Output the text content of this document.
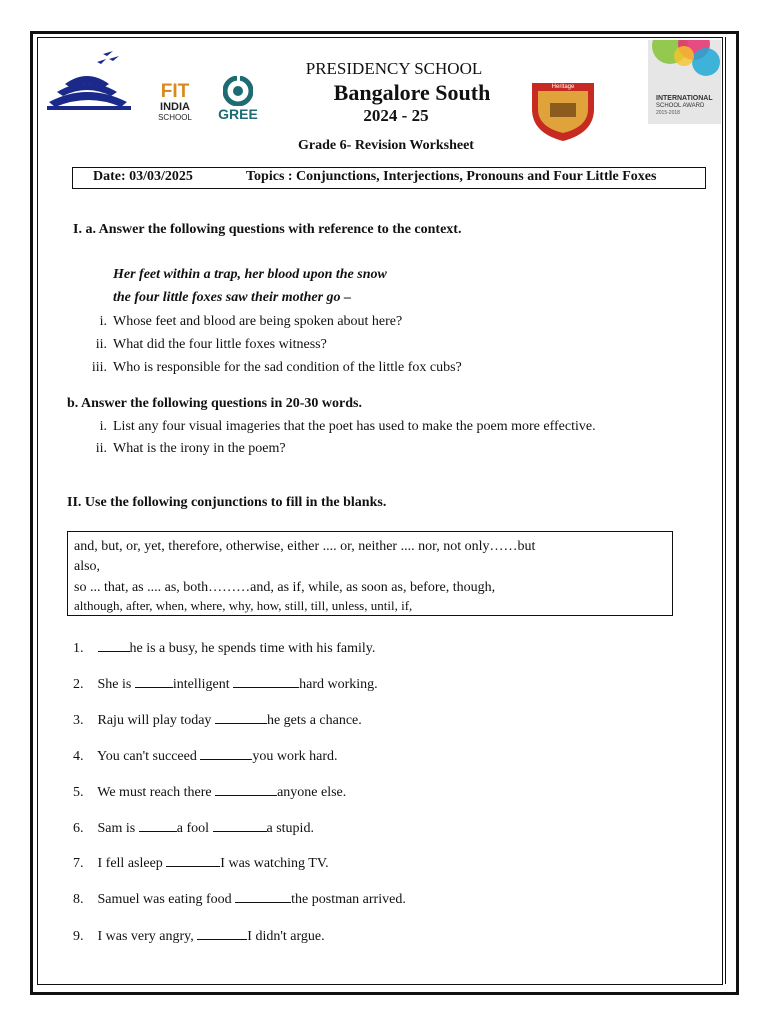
FIT
INDIA
SCHOOL	GREE
Heritage
INTERNATIONAL
SCHOOL AWARD
2015-2018
PRESIDENCY SCHOOL
Bangalore South
2024 - 25
Grade 6- Revision Worksheet
Date: 03/03/2025	Topics : Conjunctions, Interjections, Pronouns and Four Little Foxes
I. a. Answer the following questions with reference to the context.
Her feet within a trap, her blood upon the snow
the four little foxes saw their mother go –
i. Whose feet and blood are being spoken about here?
ii. What did the four little foxes witness?
iii. Who is responsible for the sad condition of the little fox cubs?
b. Answer the following questions in 20-30 words.
i. List any four visual imageries that the poet has used to make the poem more effective.
ii. What is the irony in the poem?
II. Use the following conjunctions to fill in the blanks.
and, but, or, yet, therefore, otherwise, either .... or, neither .... nor, not only……but
also,
so ... that, as .... as, both………and, as if, while, as soon as, before, though,
although, after, when, where, why, how, still, till, unless, until, if,
1.	he is a busy, he spends time with his family.
2. She is	intelligent	hard working.
3. Raju will play today	he gets a chance.
4. You can't succeed	you work hard.
5. We must reach there	anyone else.
6. Sam is	a fool	a stupid.
7. I fell asleep	I was watching TV.
8. Samuel was eating food	the postman arrived.
9. I was very angry,	I didn't argue.
